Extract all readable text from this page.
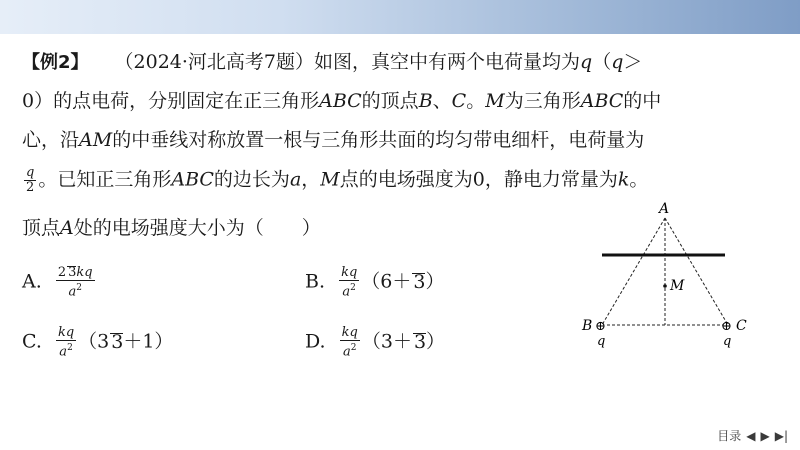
【例2】 （2024·河北高考7题）如图，真空中有两个电荷量均为q（q＞
0）的点电荷，分别固定在正三角形ABC的顶点B、C。M为三角形ABC的中
心，沿AM的中垂线对称放置一根与三角形共面的均匀带电细杆，电荷量为
$\frac{q}{2}$ 。已知正三角形ABC的边长为a，M点的电场强度为0，静电力常量为k。
顶点A处的电场强度大小为（　　）
A. $\frac{2 3kq}{a^2}$	B. $\frac{kq}{a^2} (6+ 3)$
C. $\frac{kq}{a^2} (3$ 3＋1）	D. $\frac{kq}{a^2} (3+ 3)$
M
A
⊕	⊕
B	C
q	q
目录 ◀ ▶ ▶|
